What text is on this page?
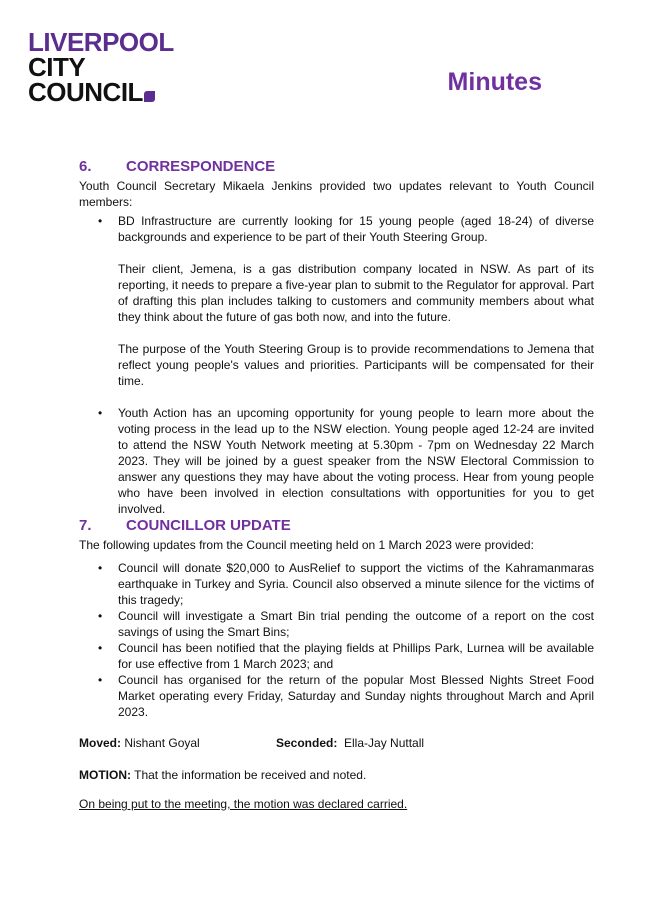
LIVERPOOL
CITY
COUNCIL	Minutes
6. CORRESPONDENCE

Youth Council Secretary Mikaela Jenkins provided two updates relevant to Youth Council members:

• BD Infrastructure are currently looking for 15 young people (aged 18-24) of diverse backgrounds and experience to be part of their Youth Steering Group.

Their client, Jemena, is a gas distribution company located in NSW. As part of its reporting, it needs to prepare a five-year plan to submit to the Regulator for approval. Part of drafting this plan includes talking to customers and community members about what they think about the future of gas both now, and into the future.

The purpose of the Youth Steering Group is to provide recommendations to Jemena that reflect young people's values and priorities. Participants will be compensated for their time.

• Youth Action has an upcoming opportunity for young people to learn more about the voting process in the lead up to the NSW election. Young people aged 12-24 are invited to attend the NSW Youth Network meeting at 5.30pm - 7pm on Wednesday 22 March 2023. They will be joined by a guest speaker from the NSW Electoral Commission to answer any questions they may have about the voting process. Hear from young people who have been involved in election consultations with opportunities for you to get involved.
7. COUNCILLOR UPDATE

The following updates from the Council meeting held on 1 March 2023 were provided:

• Council will donate $20,000 to AusRelief to support the victims of the Kahramanmaras earthquake in Turkey and Syria. Council also observed a minute silence for the victims of this tragedy;
• Council will investigate a Smart Bin trial pending the outcome of a report on the cost savings of using the Smart Bins;
• Council has been notified that the playing fields at Phillips Park, Lurnea will be available for use effective from 1 March 2023; and
• Council has organised for the return of the popular Most Blessed Nights Street Food Market operating every Friday, Saturday and Sunday nights throughout March and April 2023.
Moved: Nishant Goyal	Seconded: Ella-Jay Nuttall
MOTION: That the information be received and noted.
On being put to the meeting, the motion was declared carried.
